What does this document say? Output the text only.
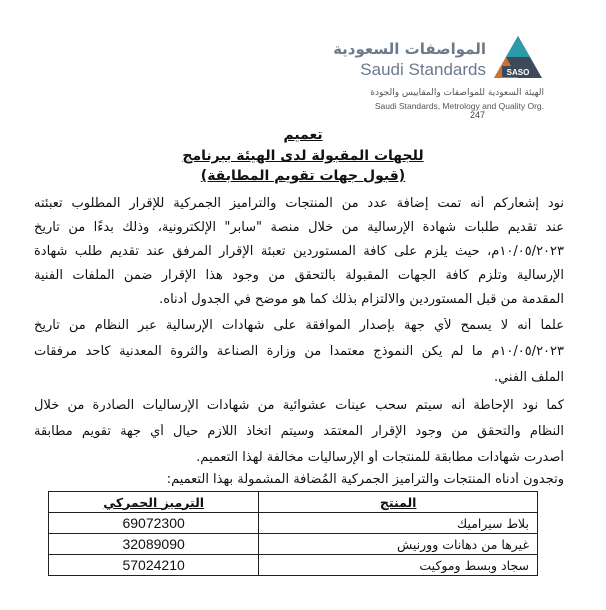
المواصفات السعودية
Saudi Standards	SASO
الهيئة السعودية للمواصفات والمقاييس والجودة
Saudi Standards, Metrology and Quality Org.
247
تعميم
للجهات المقبولة لدى الهيئة ببرنامج
(قبول جهات تقويم المطابقة)
نود إشعاركم أنه تمت إضافة عدد من المنتجات والترامیز الجمركية للإقرار المطلوب تعبئته
عند تقديم طلبات شهادة الإرسالية من خلال منصة "سابر" الإلكترونية، وذلك بدءًا من تاريخ
١٠/٠٥/٢٠٢٣م، حيث يلزم على كافة المستوردين تعبئة الإقرار المرفق عند تقديم طلب شهادة
الإرسالية وتلزم كافة الجهات المقبولة بالتحقق من وجود هذا الإقرار ضمن الملفات الفنية
المقدمة من قبل المستوردين والالتزام بذلك كما هو موضح في الجدول أدناه.
علماً أنه لا يسمح لأي جهة بإصدار الموافقة على شهادات الإرسالية عبر النظام من تاريخ
١٠/٠٥/٢٠٢٣م ما لم يكن النموذج معتمداً من وزارة الصناعة والثروة المعدنية كأحد مرفقات
الملف الفني.
كما نود الإحاطة أنه سيتم سحب عينات عشوائية من شهادات الإرساليات الصادرة من خلال
النظام والتحقق من وجود الإقرار المعتمَد وسيتم اتخاذ اللازم حيال أي جهة تقويم مطابقة
أصدرت شهادات مطابقة للمنتجات أو الإرساليات مخالفة لهذا التعميم.
وتجدون أدناه المنتجات والترامیز الجمركية المُضافة المشمولة بهذا التعميم:
المنتج	الترميز الجمركي
بلاط سيراميك	69072300
غيرها من دهانات وورنيش	32089090
سجاد وبسط وموكيت	57024210
